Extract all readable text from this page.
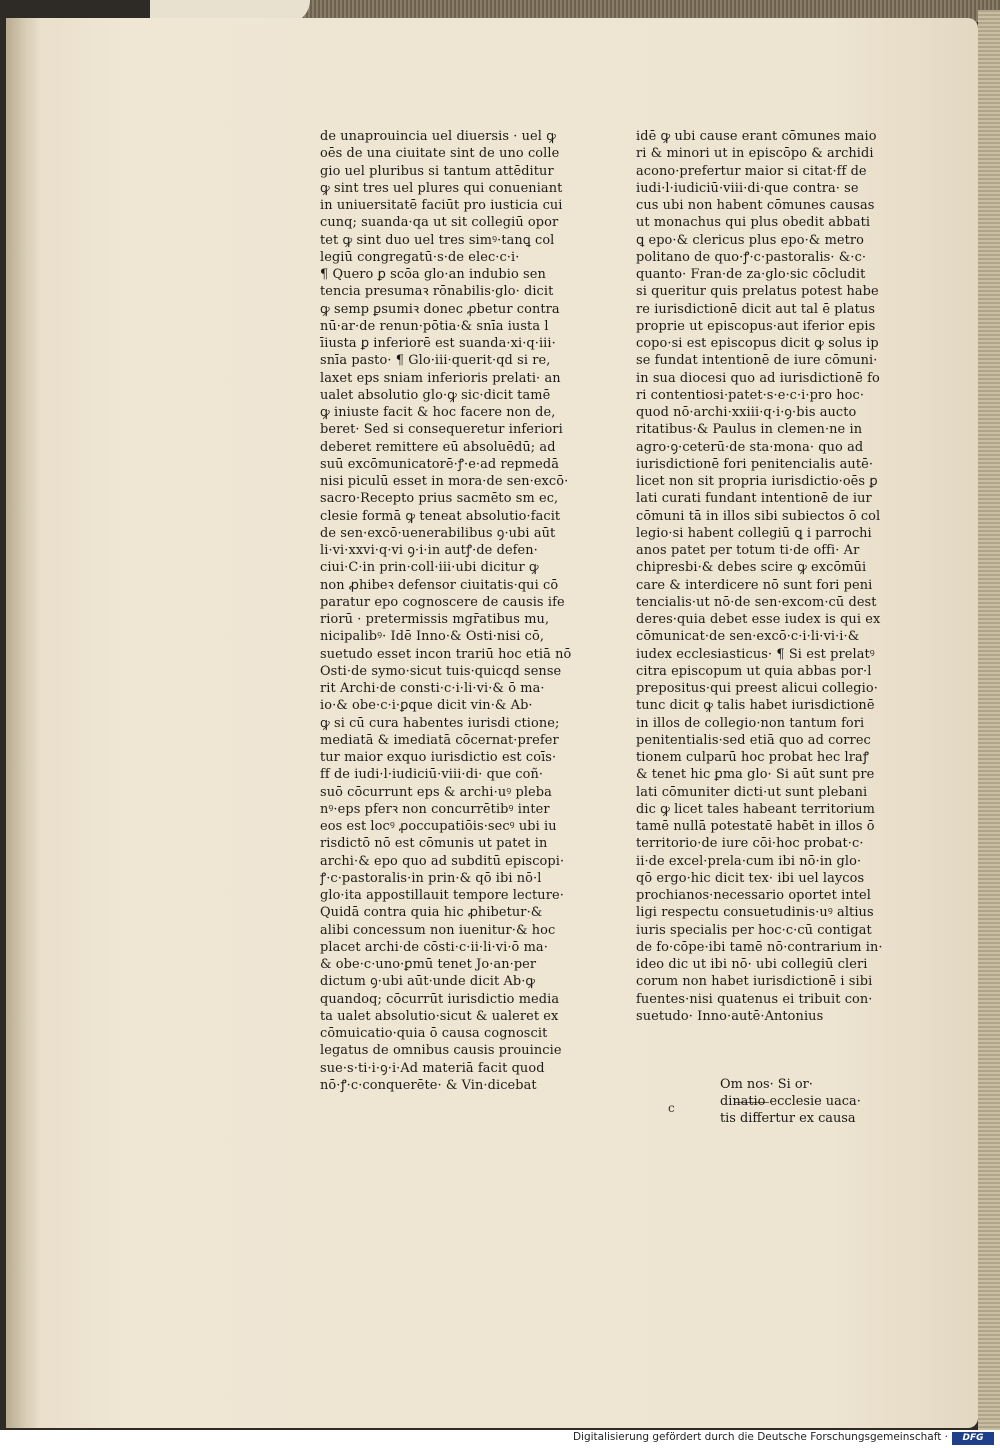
de unaprouincia uel diuersis · uel ꝙ
oēs de una ciuitate sint de uno colle
gio uel pluribus si tantum attēditur
ꝙ sint tres uel plures qui conueniant
in uniuersitatē faciūt pro iusticia cui
cunq; suanda·qa ut sit collegiū opor
tet ꝙ sint duo uel tres simꝰ·tanꝗ col
legiū congregatū·s·de elec·c·i·
¶ Quero ꝑ scōa glo·an indubio sen
tencia presumaꝛ rōnabilis·glo· dicit
ꝙ semp ꝑsumiꝛ donec ꝓbetur contra
nū·ar·de renun·pōtia·& snīa iusta l
īiusta ꝑ inferiorē est suanda·xi·q·iii·
snīa pasto· ¶ Glo·iii·querit·qd si re,
laxet eps sniam inferioris prelati· an
ualet absolutio glo·ꝙ sic·dicit tamē
ꝙ iniuste facit & hoc facere non de,
beret· Sed si consequeretur inferiori
deberet remittere eū absoluēdū; ad
suū excōmunicatorē·ꝭ·e·ad repmedā
nisi piculū esset in mora·de sen·excō·
sacro·Recepto prius sacmēto sm ec,
clesie formā ꝙ teneat absolutio·facit
de sen·excō·uenerabilibus ꝯ·ubi aūt
li·vi·xxvi·q·vi ꝯ·i·in autꝭ·de defen·
ciui·C·in prin·coll·iii·ubi dicitur ꝙ
non ꝓhibeꝛ defensor ciuitatis·qui cō
paratur epo cognoscere de causis ife
riorū · pretermissis mgr̄atibus mu,
nicipalibꝰ· Idē Inno·& Osti·nisi cō,
suetudo esset incon trariū hoc etiā nō
Osti·de symo·sicut tuis·quicqd sense
rit Archi·de consti·c·i·li·vi·& ō ma·
io·& obe·c·i·ꝑque dicit vin·& Ab·
ꝙ si cū cura habentes iurisdi ctione;
mediatā & imediatā cōcernat·prefer
tur maior exquo iurisdictio est coīs·
ff de iudi·l·iudiciū·viii·di· que coñ·
suō cōcurrunt eps & archi·uꝰ pleba
nꝰ·eps pferꝛ non concurrētibꝰ inter
eos est locꝰ ꝓoccupatiōis·secꝰ ubi iu
risdictō nō est cōmunis ut patet in
archi·& epo quo ad subditū episcopi·
ꝭ·c·pastoralis·in prin·& qō ibi nō·l
glo·ita appostillauit tempore lecture·
Quidā contra quia hic ꝓhibetur·&
alibi concessum non iuenitur·& hoc
placet archi·de cōsti·c·ii·li·vi·ō ma·
& obe·c·uno·ꝑmū tenet Jo·an·per
dictum ꝯ·ubi aūt·unde dicit Ab·ꝙ
quandoq; cōcurrūt iurisdictio media
ta ualet absolutio·sicut & ualeret ex
cōmuicatio·quia ō causa cognoscit
legatus de omnibus causis prouincie
sue·s·ti·i·ꝯ·i·Ad materiā facit quod
nō·ꝭ·c·conquerēte· & Vin·dicebat
idē ꝙ ubi cause erant cōmunes maio
ri & minori ut in episcōpo & archidi
acono·prefertur maior si citat·ff de
iudi·l·iudiciū·viii·di·que contra· se
cus ubi non habent cōmunes causas
ut monachus qui plus obedit abbati
ꝗ epo·& clericus plus epo·& metro
politano de quo·ꝭ·c·pastoralis· &·c·
quanto· Fran·de za·glo·sic cōcludit
si queritur quis prelatus potest habe
re iurisdictionē dicit aut tal ē platus
proprie ut episcopus·aut iferior epis
copo·si est episcopus dicit ꝙ solus ip
se fundat intentionē de iure cōmuni·
in sua diocesi quo ad iurisdictionē fo
ri contentiosi·patet·s·e·c·i·pro hoc·
quod nō·archi·xxiii·q·i·ꝯ·bis aucto
ritatibus·& Paulus in clemen·ne in
agro·ꝯ·ceterū·de sta·mona· quo ad
iurisdictionē fori penitencialis autē·
licet non sit propria iurisdictio·oēs ꝑ
lati curati fundant intentionē de iur
cōmuni tā in illos sibi subiectos ō col
legio·si habent collegiū ꝗ i parrochi
anos patet per totum ti·de offi· Ar
chipresbi·& debes scire ꝙ excōmūi
care & interdicere nō sunt fori peni
tencialis·ut nō·de sen·excom·cū dest
deres·quia debet esse iudex is qui ex
cōmunicat·de sen·excō·c·i·li·vi·i·&
iudex ecclesiasticus· ¶ Si est prelatꝰ
citra episcopum ut quia abbas por·l
prepositus·qui preest alicui collegio·
tunc dicit ꝙ talis habet iurisdictionē
in illos de collegio·non tantum fori
penitentialis·sed etiā quo ad correc
tionem culparū hoc probat hec lraꝭ
& tenet hic ꝑma glo· Si aūt sunt pre
lati cōmuniter dicti·ut sunt plebani
dic ꝙ licet tales habeant territorium
tamē nullā potestatē habēt in illos ō
territorio·de iure cōi·hoc probat·c·
ii·de excel·prela·cum ibi nō·in glo·
qō ergo·hic dicit tex· ibi uel laycos
prochianos·necessario oportet intel
ligi respectu consuetudinis·uꝰ altius
iuris specialis per hoc·c·cū contigat
de fo·cōpe·ibi tamē nō·contrarium in·
ideo dic ut ibi nō· ubi collegiū cleri
corum non habet iurisdictionē i sibi
fuentes·nisi quatenus ei tribuit con·
suetudo· Inno·autē·Antonius
Om nos· Si or·
dinatio ecclesie uaca·
tis differtur ex causa
c
Digitalisierung gefördert durch die Deutsche Forschungsgemeinschaft ·	DFG
